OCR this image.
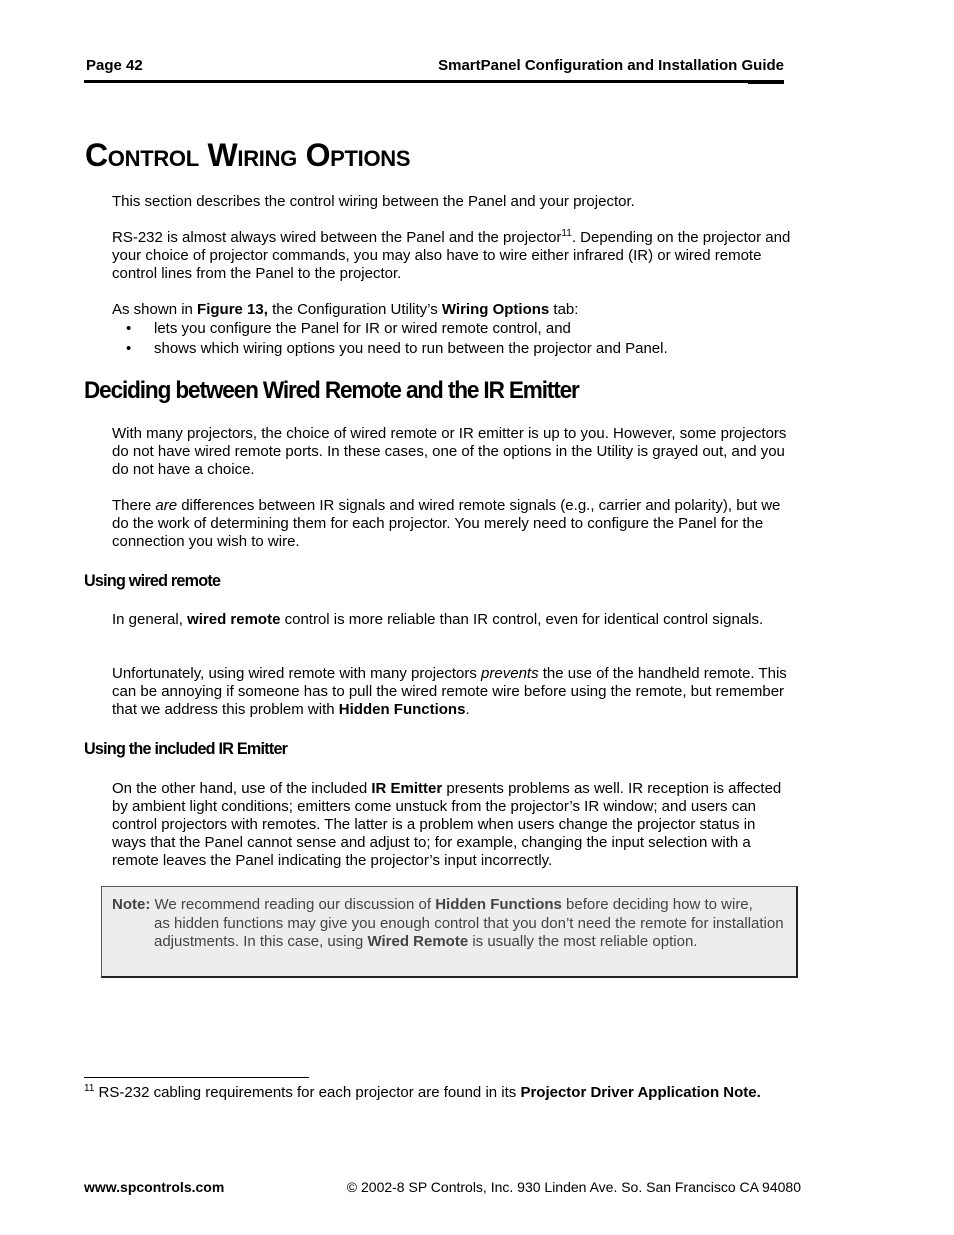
Page 42	SmartPanel Configuration and Installation Guide
Control Wiring Options

This section describes the control wiring between the Panel and your projector.

RS-232 is almost always wired between the Panel and the projector$^{11}$. Depending on the projector and your choice of projector commands, you may also have to wire either infrared (IR) or wired remote control lines from the Panel to the projector.

As shown in Figure 13, the Configuration Utility’s Wiring Options tab:

• lets you configure the Panel for IR or wired remote control, and
• shows which wiring options you need to run between the projector and Panel.
Deciding between Wired Remote and the IR Emitter

With many projectors, the choice of wired remote or IR emitter is up to you. However, some projectors do not have wired remote ports. In these cases, one of the options in the Utility is grayed out, and you do not have a choice.

There are differences between IR signals and wired remote signals (e.g., carrier and polarity), but we do the work of determining them for each projector. You merely need to configure the Panel for the connection you wish to wire.

Using wired remote

In general, wired remote control is more reliable than IR control, even for identical control signals.

Unfortunately, using wired remote with many projectors prevents the use of the handheld remote. This can be annoying if someone has to pull the wired remote wire before using the remote, but remember that we address this problem with Hidden Functions.

Using the included IR Emitter

On the other hand, use of the included IR Emitter presents problems as well. IR reception is affected by ambient light conditions; emitters come unstuck from the projector’s IR window; and users can control projectors with remotes. The latter is a problem when users change the projector status in ways that the Panel cannot sense and adjust to; for example, changing the input selection with a remote leaves the Panel indicating the projector’s input incorrectly.

Note: We recommend reading our discussion of Hidden Functions before deciding how to wire,
as hidden functions may give you enough control that you don’t need the remote for installation adjustments. In this case, using Wired Remote is usually the most reliable option.
$^{11}$ RS-232 cabling requirements for each projector are found in its Projector Driver Application Note.
www.spcontrols.com	© 2002-8 SP Controls, Inc. 930 Linden Ave. So. San Francisco CA 94080
